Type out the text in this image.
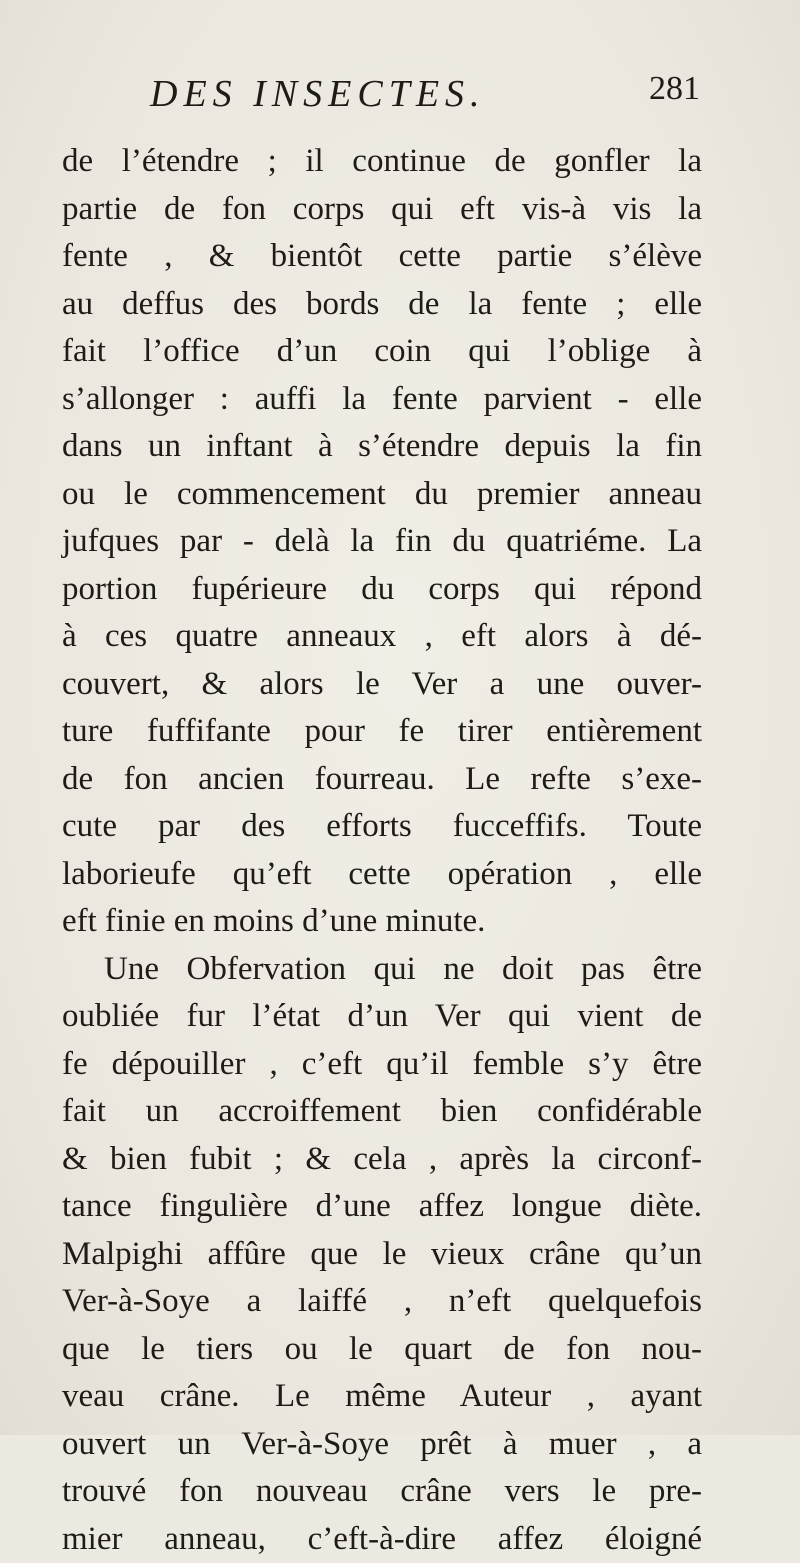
DES INSECTES.	281
de l’étendre ; il continue de gonfler la
partie de fon corps qui eft vis-à vis la
fente , & bientôt cette partie s’élève
au deffus des bords de la fente ; elle
fait l’office d’un coin qui l’oblige à
s’allonger : auffi la fente parvient - elle
dans un inftant à s’étendre depuis la fin
ou le commencement du premier anneau
jufques par - delà la fin du quatriéme. La
portion fupérieure du corps qui répond
à ces quatre anneaux , eft alors à dé-
couvert, & alors le Ver a une ouver-
ture fuffifante pour fe tirer entièrement
de fon ancien fourreau. Le refte s’exe-
cute par des efforts fucceffifs. Toute
laborieufe qu’eft cette opération , elle
eft finie en moins d’une minute.
Une Obfervation qui ne doit pas être
oubliée fur l’état d’un Ver qui vient de
fe dépouiller , c’eft qu’il femble s’y être
fait un accroiffement bien confidérable
& bien fubit ; & cela , après la circonf-
tance fingulière d’une affez longue diète.
Malpighi affûre que le vieux crâne qu’un
Ver-à-Soye a laiffé , n’eft quelquefois
que le tiers ou le quart de fon nou-
veau crâne. Le même Auteur , ayant
ouvert un Ver-à-Soye prêt à muer , a
trouvé fon nouveau crâne vers le pre-
mier anneau, c’eft-à-dire affez éloigné
